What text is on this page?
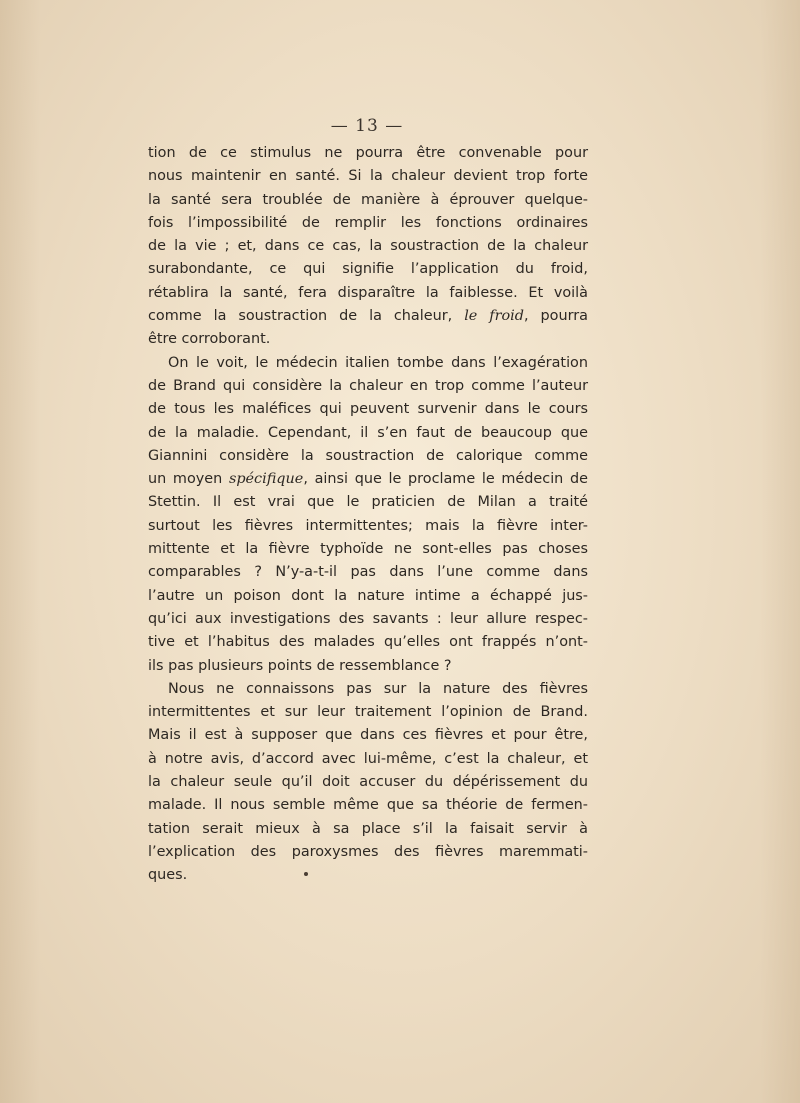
— 13 —
tion de ce stimulus ne pourra être convenable pour
nous maintenir en santé. Si la chaleur devient trop forte
la santé sera troublée de manière à éprouver quelque-
fois l’impossibilité de remplir les fonctions ordinaires
de la vie ; et, dans ce cas, la soustraction de la chaleur
surabondante, ce qui signifie l’application du froid,
rétablira la santé, fera disparaître la faiblesse. Et voilà
comme la soustraction de la chaleur, le froid, pourra
être corroborant.
On le voit, le médecin italien tombe dans l’exagération
de Brand qui considère la chaleur en trop comme l’auteur
de tous les maléfices qui peuvent survenir dans le cours
de la maladie. Cependant, il s’en faut de beaucoup que
Giannini considère la soustraction de calorique comme
un moyen spécifique, ainsi que le proclame le médecin de
Stettin. Il est vrai que le praticien de Milan a traité
surtout les fièvres intermittentes; mais la fièvre inter-
mittente et la fièvre typhoïde ne sont-elles pas choses
comparables ? N’y-a-t-il pas dans l’une comme dans
l’autre un poison dont la nature intime a échappé jus-
qu’ici aux investigations des savants : leur allure respec-
tive et l’habitus des malades qu’elles ont frappés n’ont-
ils pas plusieurs points de ressemblance ?
Nous ne connaissons pas sur la nature des fièvres
intermittentes et sur leur traitement l’opinion de Brand.
Mais il est à supposer que dans ces fièvres et pour être,
à notre avis, d’accord avec lui-même, c’est la chaleur, et
la chaleur seule qu’il doit accuser du dépérissement du
malade. Il nous semble même que sa théorie de fermen-
tation serait mieux à sa place s’il la faisait servir à
l’explication des paroxysmes des fièvres maremmati-
ques.
